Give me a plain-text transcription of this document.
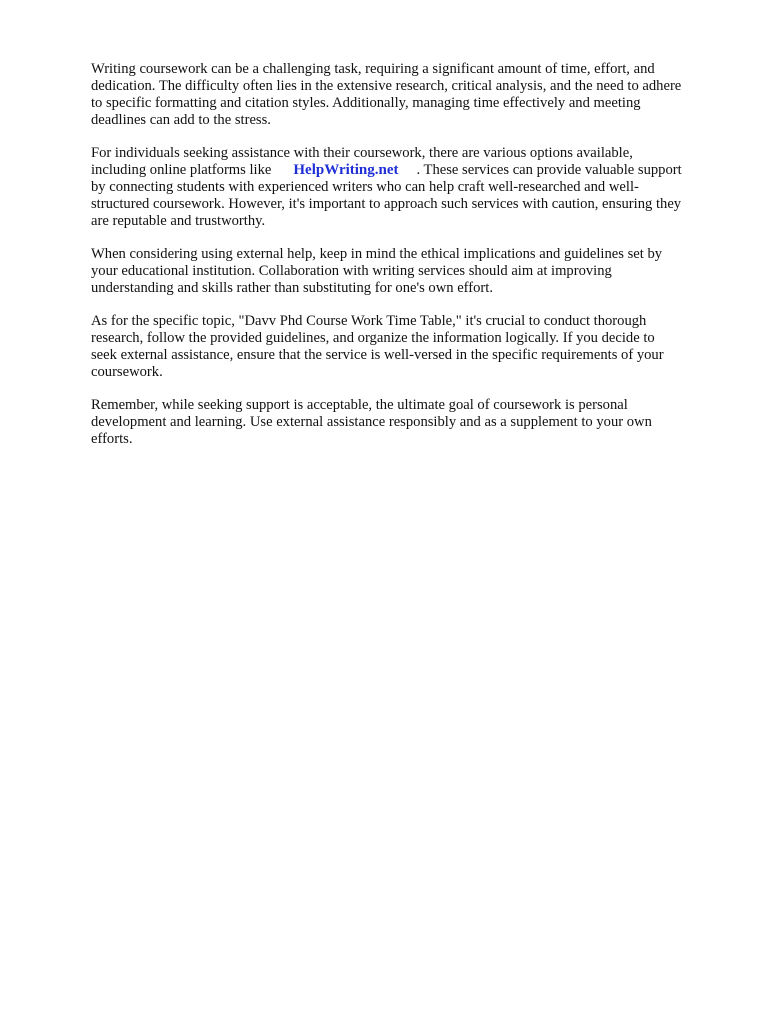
Writing coursework can be a challenging task, requiring a significant amount of time, effort, and
dedication. The difficulty often lies in the extensive research, critical analysis, and the need to adhere
to specific formatting and citation styles. Additionally, managing time effectively and meeting
deadlines can add to the stress.

For individuals seeking assistance with their coursework, there are various options available,
including online platforms like HelpWriting.net . These services can provide valuable support
by connecting students with experienced writers who can help craft well-researched and well-
structured coursework. However, it's important to approach such services with caution, ensuring they
are reputable and trustworthy.

When considering using external help, keep in mind the ethical implications and guidelines set by
your educational institution. Collaboration with writing services should aim at improving
understanding and skills rather than substituting for one's own effort.

As for the specific topic, "Davv Phd Course Work Time Table," it's crucial to conduct thorough
research, follow the provided guidelines, and organize the information logically. If you decide to
seek external assistance, ensure that the service is well-versed in the specific requirements of your
coursework.

Remember, while seeking support is acceptable, the ultimate goal of coursework is personal
development and learning. Use external assistance responsibly and as a supplement to your own
efforts.
